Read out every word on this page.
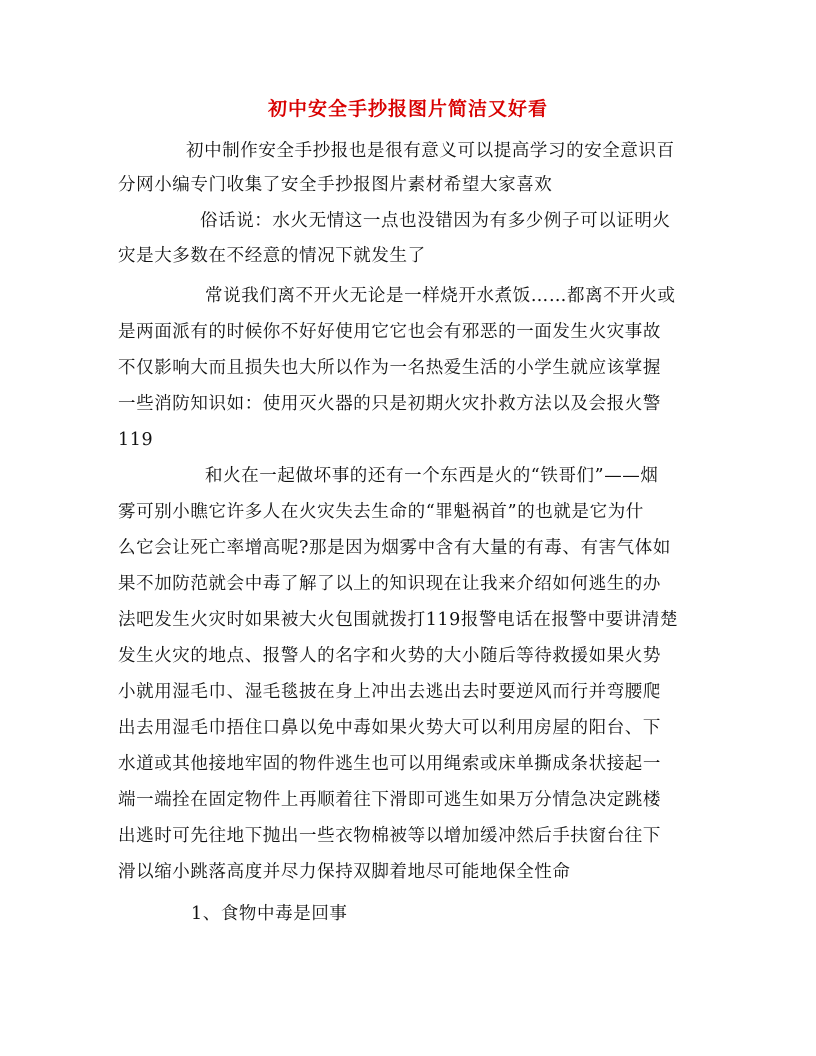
初中安全手抄报图片简洁又好看
初中制作安全手抄报也是很有意义可以提高学习的安全意识百
分网小编专门收集了安全手抄报图片素材希望大家喜欢
俗话说：水火无情这一点也没错因为有多少例子可以证明火
灾是大多数在不经意的情况下就发生了
常说我们离不开火无论是一样烧开水煮饭……都离不开火或
是两面派有的时候你不好好使用它它也会有邪恶的一面发生火灾事故
不仅影响大而且损失也大所以作为一名热爱生活的小学生就应该掌握
一些消防知识如：使用灭火器的只是初期火灾扑救方法以及会报火警
119
和火在一起做坏事的还有一个东西是火的“铁哥们”——烟
雾可别小瞧它许多人在火灾失去生命的“罪魁祸首”的也就是它为什
么它会让死亡率增高呢?那是因为烟雾中含有大量的有毒、有害气体如
果不加防范就会中毒了解了以上的知识现在让我来介绍如何逃生的办
法吧发生火灾时如果被大火包围就拨打119报警电话在报警中要讲清楚
发生火灾的地点、报警人的名字和火势的大小随后等待救援如果火势
小就用湿毛巾、湿毛毯披在身上冲出去逃出去时要逆风而行并弯腰爬
出去用湿毛巾捂住口鼻以免中毒如果火势大可以利用房屋的阳台、下
水道或其他接地牢固的物件逃生也可以用绳索或床单撕成条状接起一
端一端拴在固定物件上再顺着往下滑即可逃生如果万分情急决定跳楼
出逃时可先往地下抛出一些衣物棉被等以增加缓冲然后手扶窗台往下
滑以缩小跳落高度并尽力保持双脚着地尽可能地保全性命
1、食物中毒是回事
